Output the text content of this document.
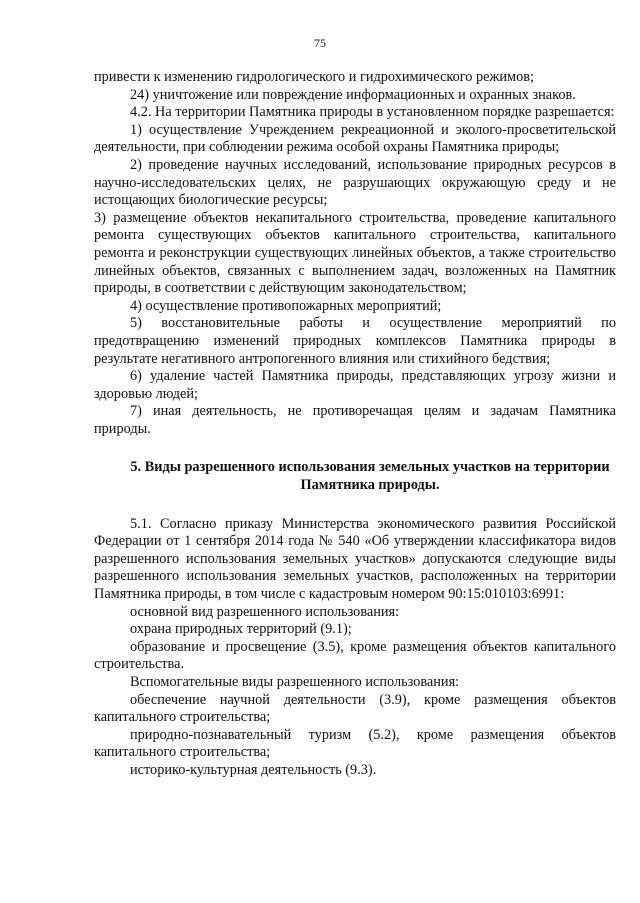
75
привести к изменению гидрологического и гидрохимического режимов;
24) уничтожение или повреждение информационных и охранных знаков.
4.2. На территории Памятника природы в установленном порядке разрешается:
1) осуществление Учреждением рекреационной и эколого-просветительской деятельности, при соблюдении режима особой охраны Памятника природы;
2) проведение научных исследований, использование природных ресурсов в научно-исследовательских целях, не разрушающих окружающую среду и не истощающих биологические ресурсы;
3) размещение объектов некапитального строительства, проведение капитального ремонта существующих объектов капитального строительства, капитального ремонта и реконструкции существующих линейных объектов, а также строительство линейных объектов, связанных с выполнением задач, возложенных на Памятник природы, в соответствии с действующим законодательством;
4) осуществление противопожарных мероприятий;
5) восстановительные работы и осуществление мероприятий по предотвращению изменений природных комплексов Памятника природы в результате негативного антропогенного влияния или стихийного бедствия;
6) удаление частей Памятника природы, представляющих угрозу жизни и здоровью людей;
7) иная деятельность, не противоречащая целям и задачам Памятника природы.
5. Виды разрешенного использования земельных участков на территории Памятника природы.
5.1. Согласно приказу Министерства экономического развития Российской Федерации от 1 сентября 2014 года № 540 «Об утверждении классификатора видов разрешенного использования земельных участков» допускаются следующие виды разрешенного использования земельных участков, расположенных на территории Памятника природы, в том числе с кадастровым номером 90:15:010103:6991:
основной вид разрешенного использования:
охрана природных территорий (9.1);
образование и просвещение (3.5), кроме размещения объектов капитального строительства.
Вспомогательные виды разрешенного использования:
обеспечение научной деятельности (3.9), кроме размещения объектов капитального строительства;
природно-познавательный туризм (5.2), кроме размещения объектов капитального строительства;
историко-культурная деятельность (9.3).
